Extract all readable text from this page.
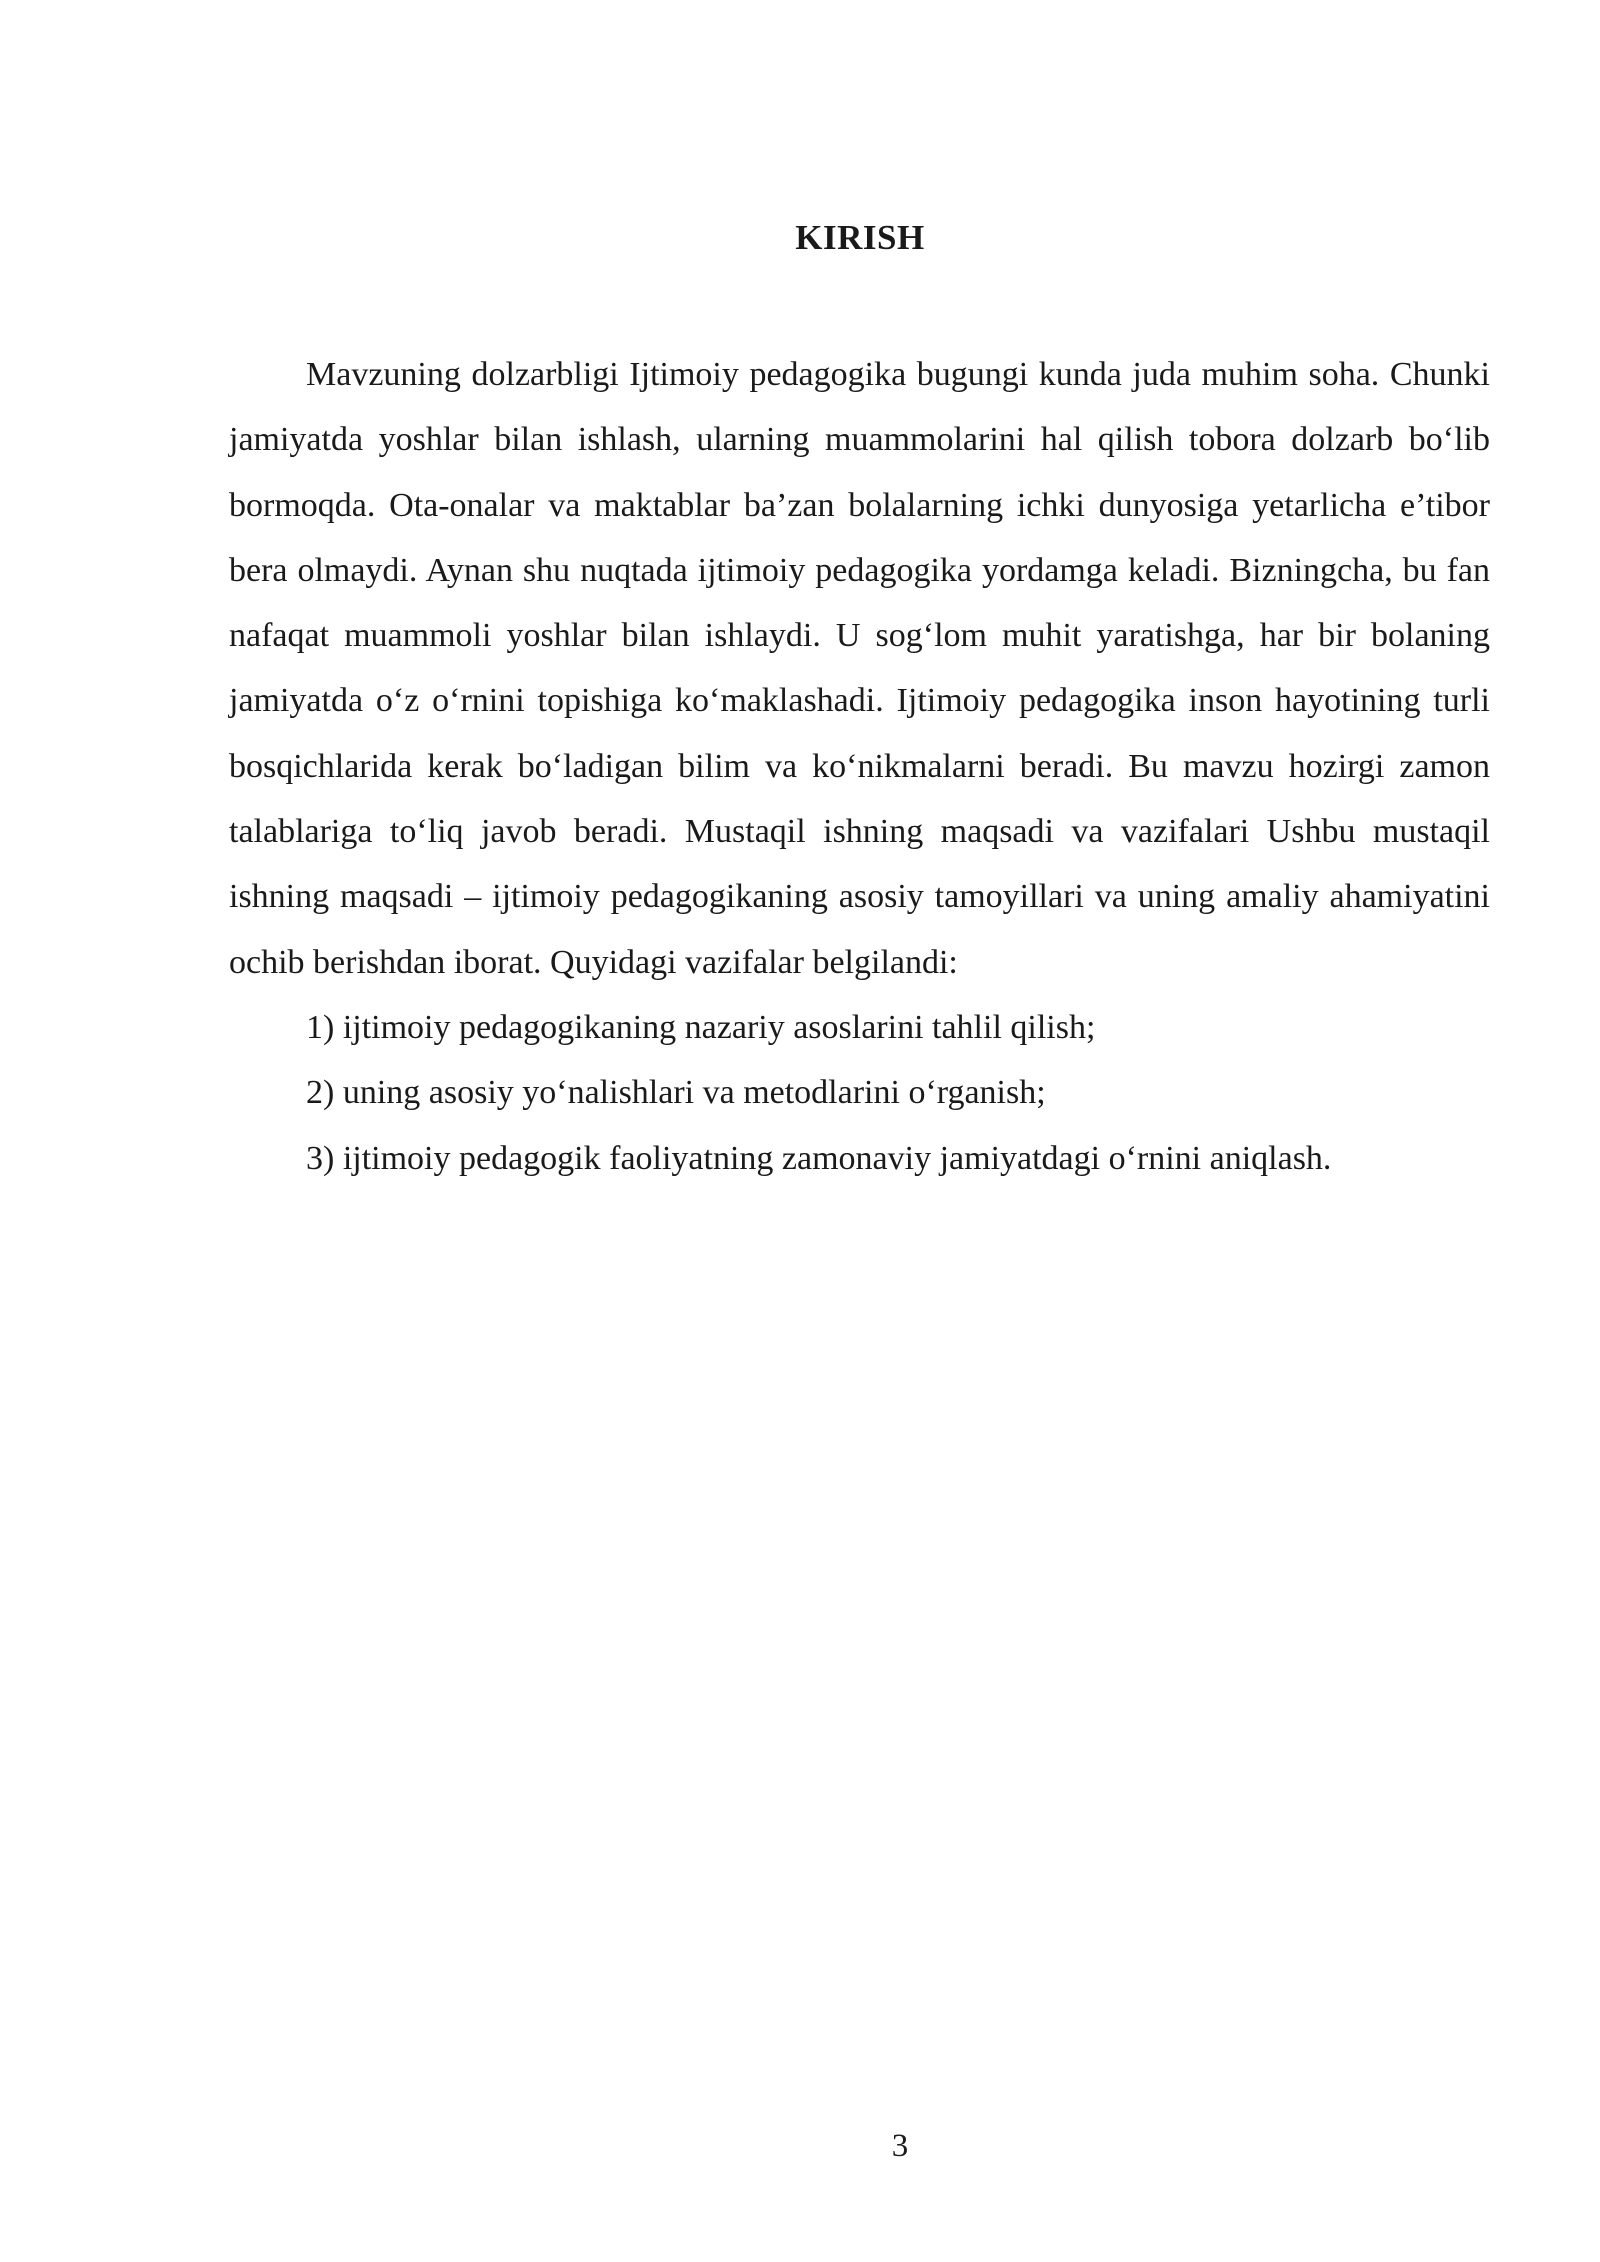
KIRISH

Mavzuning dolzarbligi Ijtimoiy pedagogika bugungi kunda juda muhim soha. Chunki jamiyatda yoshlar bilan ishlash, ularning muammolarini hal qilish tobora dolzarb bo‘lib bormoqda. Ota-onalar va maktablar ba’zan bolalarning ichki dunyosiga yetarlicha e’tibor bera olmaydi. Aynan shu nuqtada ijtimoiy pedagogika yordamga keladi. Bizningcha, bu fan nafaqat muammoli yoshlar bilan ishlaydi. U sog‘lom muhit yaratishga, har bir bolaning jamiyatda o‘z o‘rnini topishiga ko‘maklashadi. Ijtimoiy pedagogika inson hayotining turli bosqichlarida kerak bo‘ladigan bilim va ko‘nikmalarni beradi. Bu mavzu hozirgi zamon talablariga to‘liq javob beradi. Mustaqil ishning maqsadi va vazifalari Ushbu mustaqil ishning maqsadi – ijtimoiy pedagogikaning asosiy tamoyillari va uning amaliy ahamiyatini ochib berishdan iborat. Quyidagi vazifalar belgilandi:

1) ijtimoiy pedagogikaning nazariy asoslarini tahlil qilish;
2) uning asosiy yo‘nalishlari va metodlarini o‘rganish;
3) ijtimoiy pedagogik faoliyatning zamonaviy jamiyatdagi o‘rnini aniqlash.
3
